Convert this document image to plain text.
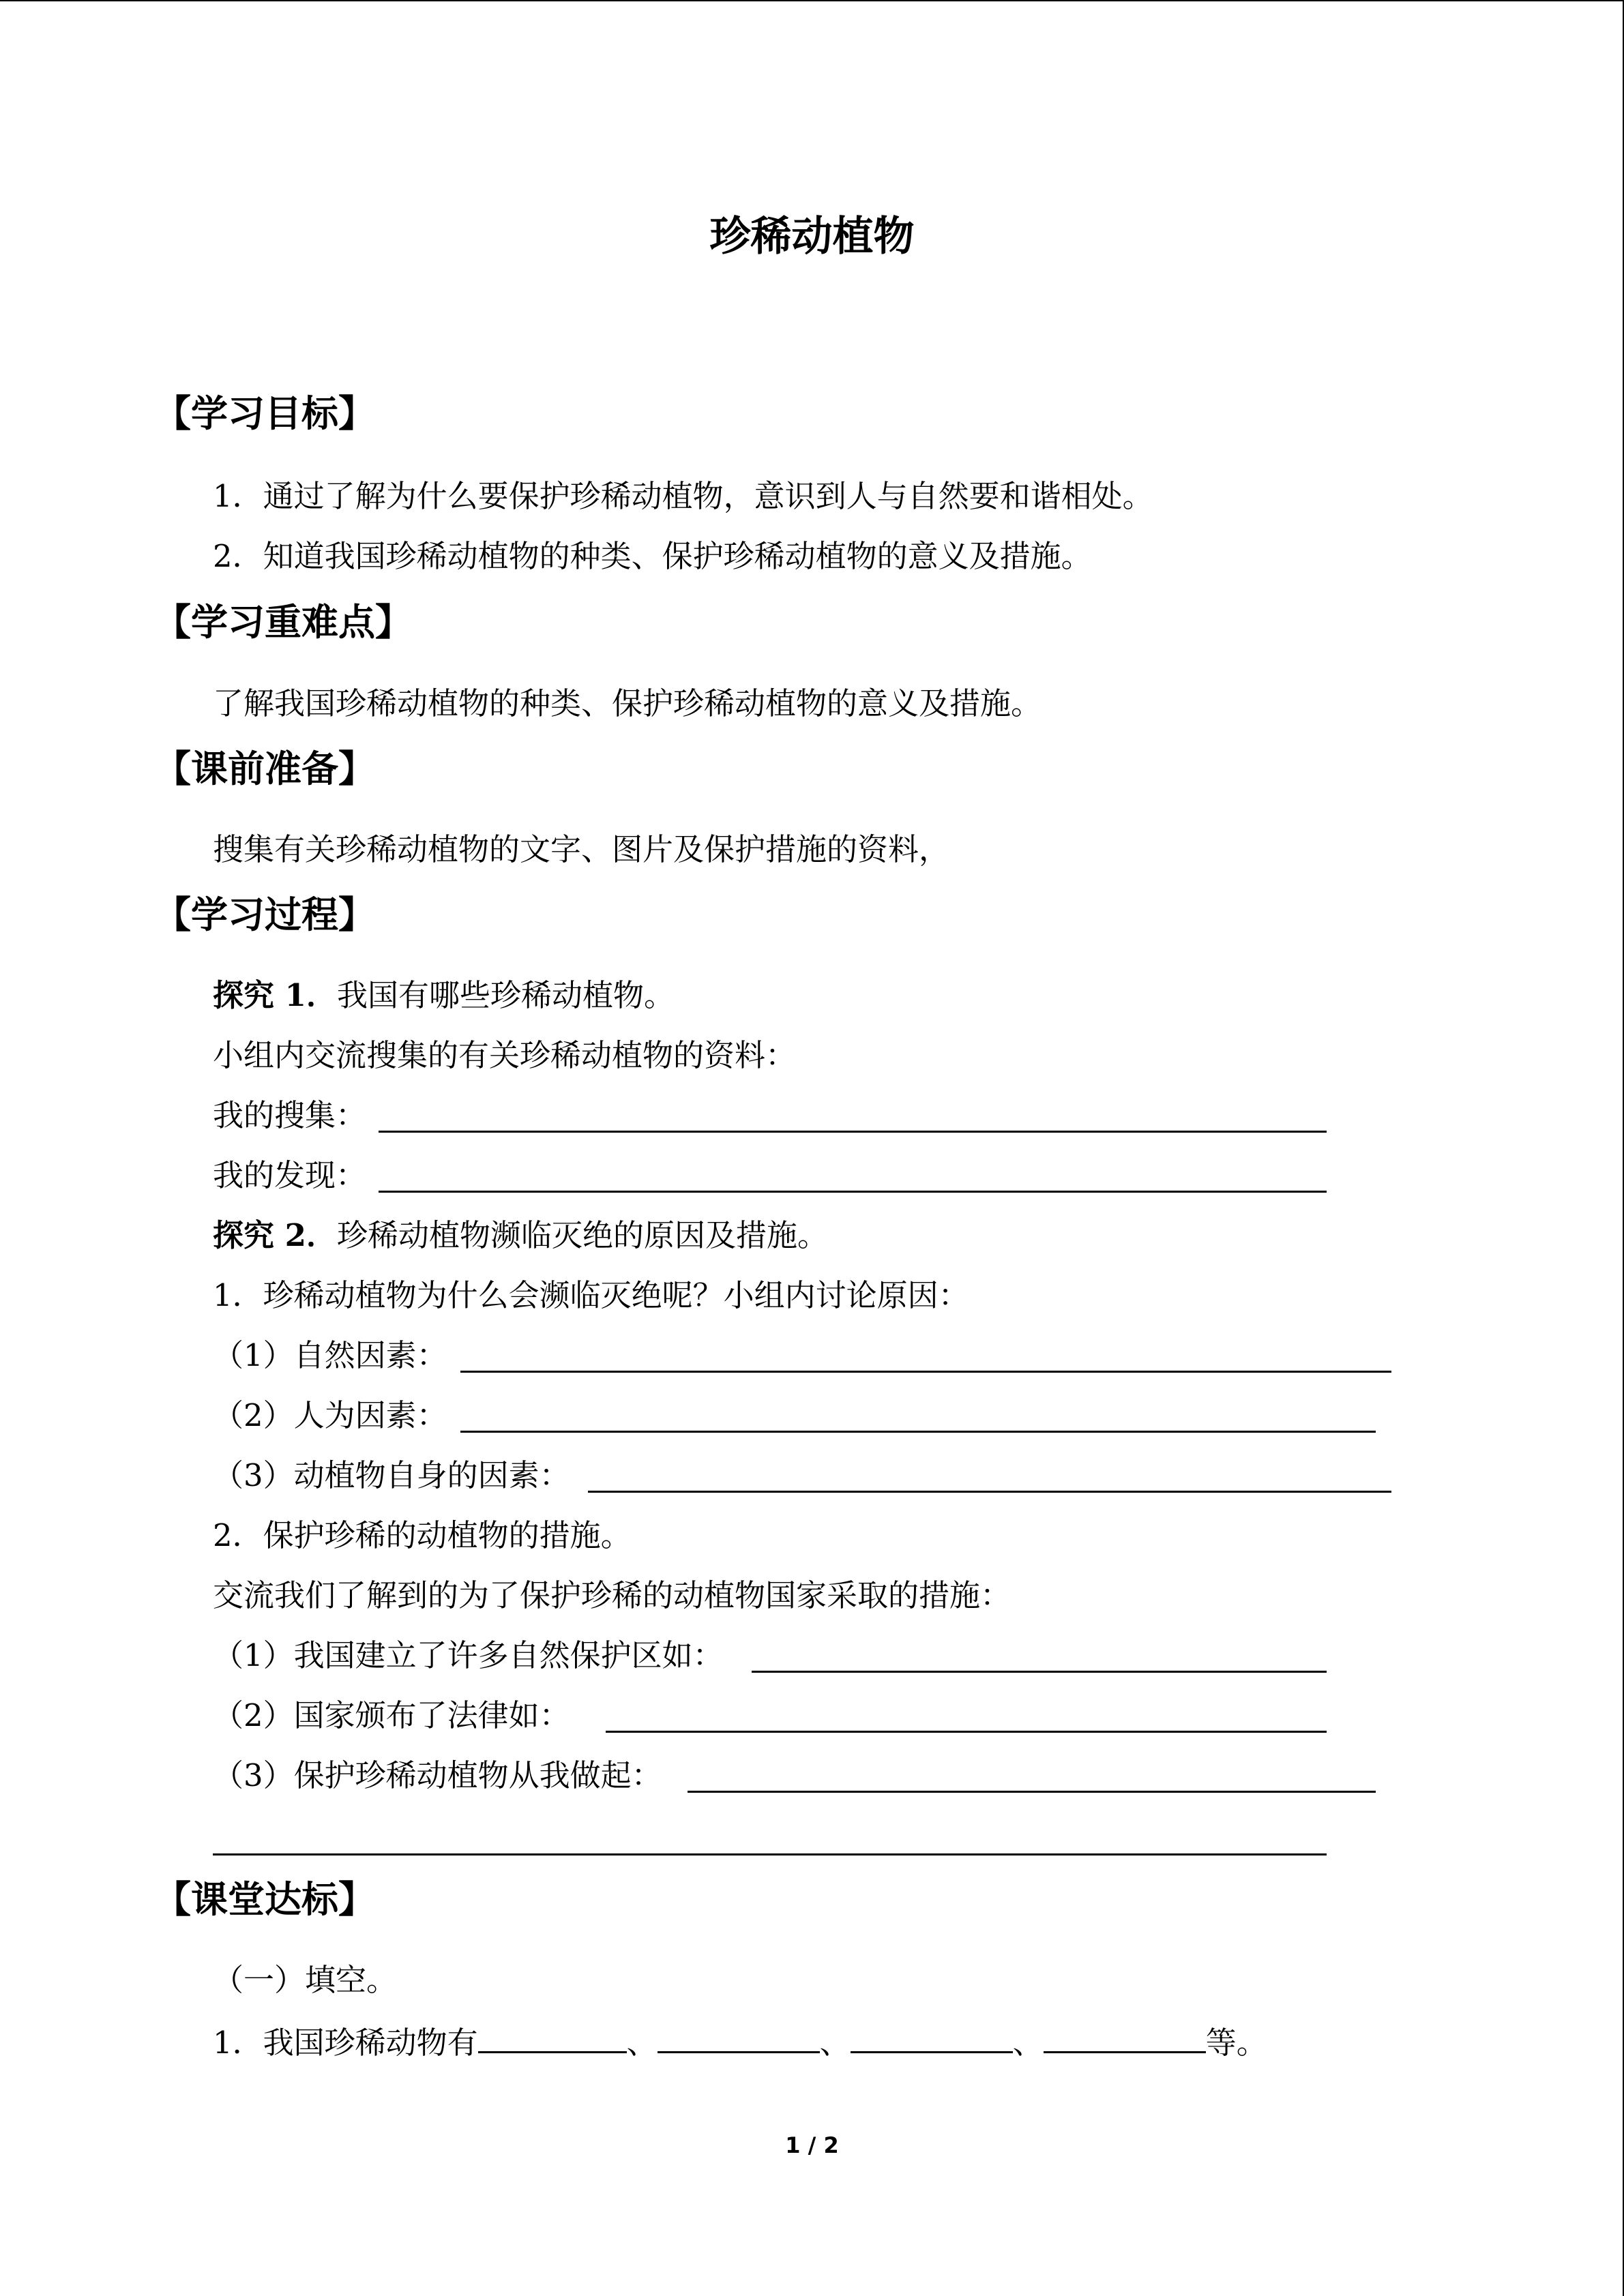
珍稀动植物
【学习目标】
1．通过了解为什么要保护珍稀动植物，意识到人与自然要和谐相处。
2．知道我国珍稀动植物的种类、保护珍稀动植物的意义及措施。
【学习重难点】
了解我国珍稀动植物的种类、保护珍稀动植物的意义及措施。
【课前准备】
搜集有关珍稀动植物的文字、图片及保护措施的资料，
【学习过程】
探究 1．我国有哪些珍稀动植物。
小组内交流搜集的有关珍稀动植物的资料：
我的搜集：
我的发现：
探究 2．珍稀动植物濒临灭绝的原因及措施。
1．珍稀动植物为什么会濒临灭绝呢？小组内讨论原因：
（1）自然因素：
（2）人为因素：
（3）动植物自身的因素：
2．保护珍稀的动植物的措施。
交流我们了解到的为了保护珍稀的动植物国家采取的措施：
（1）我国建立了许多自然保护区如：
（2）国家颁布了法律如：
（3）保护珍稀动植物从我做起：
【课堂达标】
（一）填空。
1．我国珍稀动物有	、	、	、	等。
1 / 2
